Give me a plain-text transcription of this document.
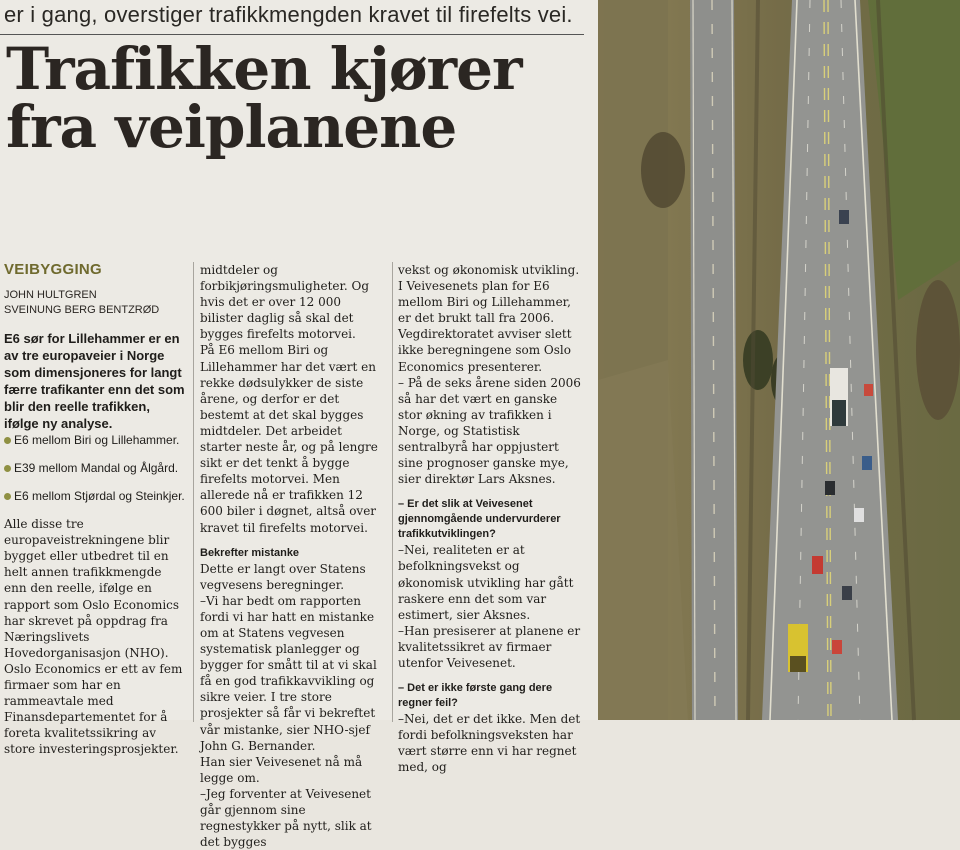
er i gang, overstiger trafikkmengden kravet til firefelts vei.
Trafikken kjører fra veiplanene
VEIBYGGING
JOHN HULTGREN
SVEINUNG BERG BENTZRØD

E6 sør for Lillehammer er en av tre europaveier i Norge som dimensjoneres for langt færre trafikanter enn det som blir den reelle trafikken, ifølge ny analyse.

E6 mellom Biri og Lillehammer.
E39 mellom Mandal og Ålgård.
E6 mellom Stjørdal og Steinkjer.

Alle disse tre europaveistrekningene blir bygget eller utbedret til en helt annen trafikkmengde enn den reelle, ifølge en rapport som Oslo Economics har skrevet på oppdrag fra Næringslivets Hovedorganisasjon (NHO).

Oslo Economics er ett av fem firmaer som har en rammeavtale med Finansdepartementet for å foreta kvalitetssikring av store investeringsprosjekter.

midtdeler og forbikjøringsmuligheter. Og hvis det er over 12 000 bilister daglig så skal det bygges firefelts motorvei.

På E6 mellom Biri og Lillehammer har det vært en rekke dødsulykker de siste årene, og derfor er det bestemt at det skal bygges midtdeler. Det arbeidet starter neste år, og på lengre sikt er det tenkt å bygge firefelts motorvei. Men allerede nå er trafikken 12 600 biler i døgnet, altså over kravet til firefelts motorvei.

Bekrefter mistanke

Dette er langt over Statens vegvesens beregninger.

–Vi har bedt om rapporten fordi vi har hatt en mistanke om at Statens vegvesen systematisk planlegger og bygger for smått til at vi skal få en god trafikkavvikling og sikre veier. I tre store prosjekter så får vi bekreftet vår mistanke, sier NHO-sjef John G. Bernander.

Han sier Veivesenet nå må legge om.

–Jeg forventer at Veivesenet går gjennom sine regnestykker på nytt, slik at det bygges

vekst og økonomisk utvikling. I Veivesenets plan for E6 mellom Biri og Lillehammer, er det brukt tall fra 2006.

Vegdirektoratet avviser slett ikke beregningene som Oslo Economics presenterer.

– På de seks årene siden 2006 så har det vært en ganske stor økning av trafikken i Norge, og Statistisk sentralbyrå har oppjustert sine prognoser ganske mye, sier direktør Lars Aksnes.

– Er det slik at Veivesenet gjennomgående undervurderer trafikkutviklingen?

–Nei, realiteten er at befolkningsvekst og økonomisk utvikling har gått raskere enn det som var estimert, sier Aksnes.

–Han presiserer at planene er kvalitetssikret av firmaer utenfor Veivesenet.

– Det er ikke første gang dere regner feil?

–Nei, det er det ikke. Men det fordi befolkningsveksten har vært større enn vi har regnet med, og
